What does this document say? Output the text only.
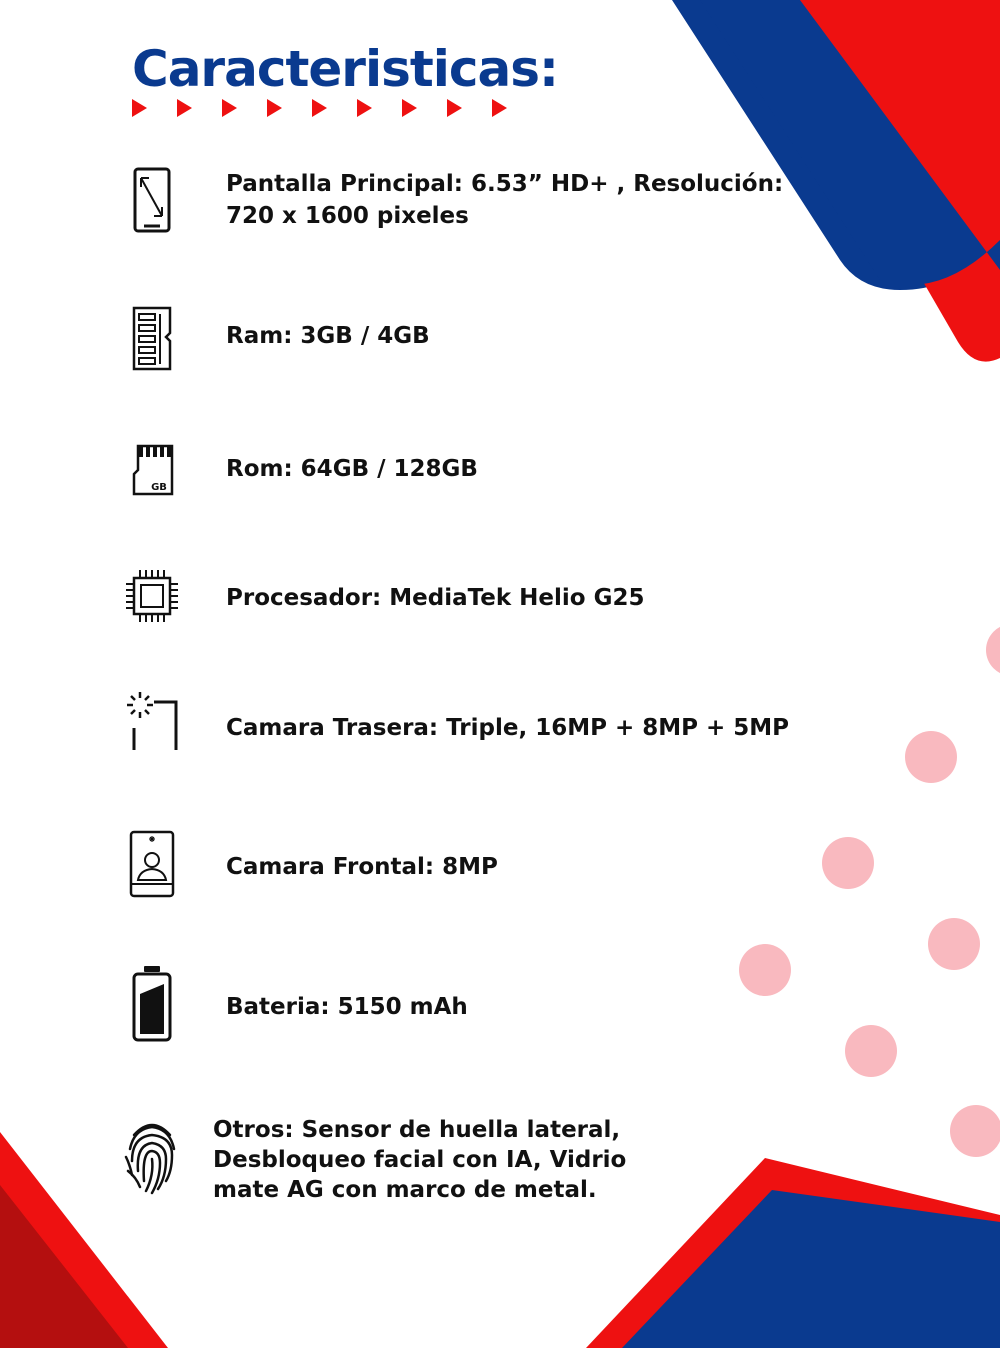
Caracteristicas:
Pantalla Principal: 6.53” HD+ , Resolución: 720 x 1600 pixeles
Ram: 3GB / 4GB
GB
Rom: 64GB / 128GB
Procesador: MediaTek Helio G25
Camara Trasera: Triple, 16MP + 8MP + 5MP
Camara Frontal: 8MP
Bateria: 5150 mAh
Otros: Sensor de huella lateral, Desbloqueo facial con IA, Vidrio mate AG con marco de metal.
